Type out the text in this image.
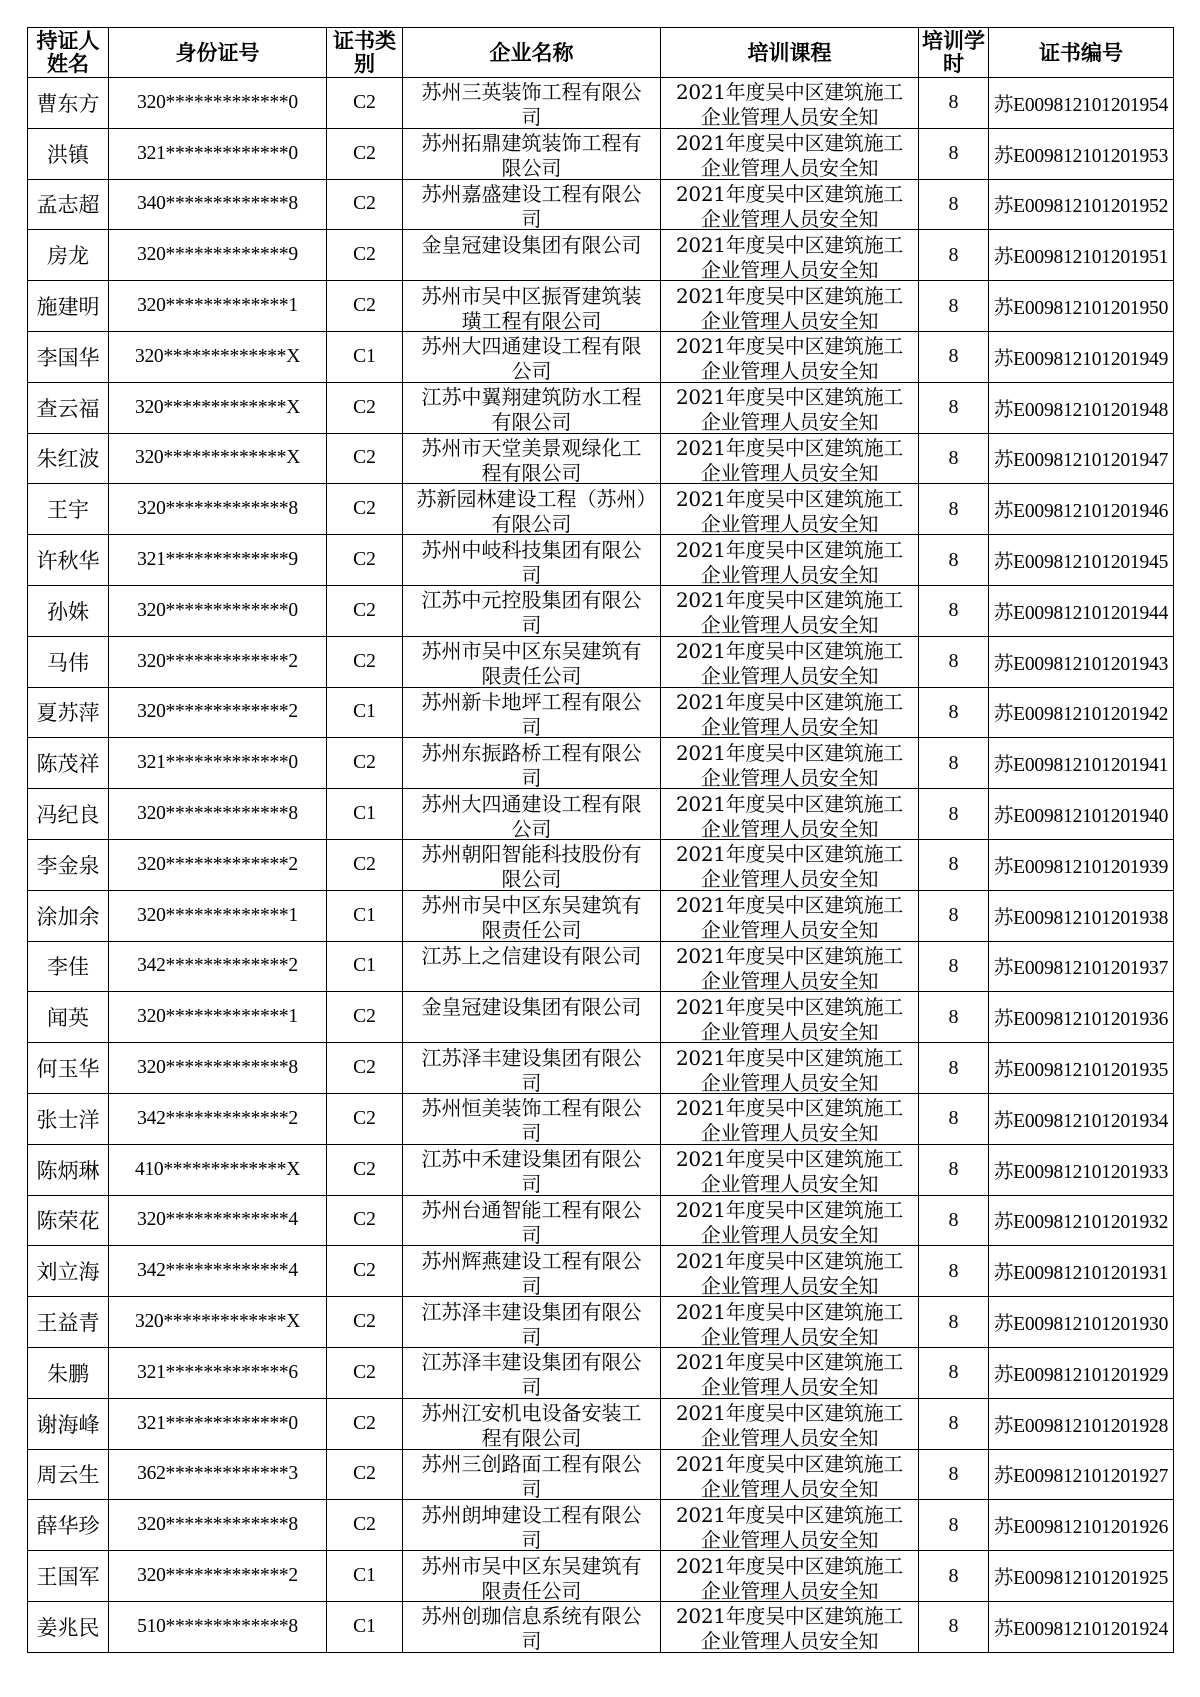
持证人姓名	身份证号	证书类别	企业名称	培训课程	培训学时	证书编号
曹东方	320*************0	C2	苏州三英装饰工程有限公司	2021年度吴中区建筑施工企业管理人员安全知	8	苏E009812101201954
洪镇	321*************0	C2	苏州拓鼎建筑装饰工程有限公司	2021年度吴中区建筑施工企业管理人员安全知	8	苏E009812101201953
孟志超	340*************8	C2	苏州嘉盛建设工程有限公司	2021年度吴中区建筑施工企业管理人员安全知	8	苏E009812101201952
房龙	320*************9	C2	金皇冠建设集团有限公司	2021年度吴中区建筑施工企业管理人员安全知	8	苏E009812101201951
施建明	320*************1	C2	苏州市吴中区振胥建筑装璜工程有限公司	2021年度吴中区建筑施工企业管理人员安全知	8	苏E009812101201950
李国华	320*************X	C1	苏州大四通建设工程有限公司	2021年度吴中区建筑施工企业管理人员安全知	8	苏E009812101201949
查云福	320*************X	C2	江苏中翼翔建筑防水工程有限公司	2021年度吴中区建筑施工企业管理人员安全知	8	苏E009812101201948
朱红波	320*************X	C2	苏州市天堂美景观绿化工程有限公司	2021年度吴中区建筑施工企业管理人员安全知	8	苏E009812101201947
王宇	320*************8	C2	苏新园林建设工程（苏州）有限公司	2021年度吴中区建筑施工企业管理人员安全知	8	苏E009812101201946
许秋华	321*************9	C2	苏州中岐科技集团有限公司	2021年度吴中区建筑施工企业管理人员安全知	8	苏E009812101201945
孙姝	320*************0	C2	江苏中元控股集团有限公司	2021年度吴中区建筑施工企业管理人员安全知	8	苏E009812101201944
马伟	320*************2	C2	苏州市吴中区东吴建筑有限责任公司	2021年度吴中区建筑施工企业管理人员安全知	8	苏E009812101201943
夏苏萍	320*************2	C1	苏州新卡地坪工程有限公司	2021年度吴中区建筑施工企业管理人员安全知	8	苏E009812101201942
陈茂祥	321*************0	C2	苏州东振路桥工程有限公司	2021年度吴中区建筑施工企业管理人员安全知	8	苏E009812101201941
冯纪良	320*************8	C1	苏州大四通建设工程有限公司	2021年度吴中区建筑施工企业管理人员安全知	8	苏E009812101201940
李金泉	320*************2	C2	苏州朝阳智能科技股份有限公司	2021年度吴中区建筑施工企业管理人员安全知	8	苏E009812101201939
涂加余	320*************1	C1	苏州市吴中区东吴建筑有限责任公司	2021年度吴中区建筑施工企业管理人员安全知	8	苏E009812101201938
李佳	342*************2	C1	江苏上之信建设有限公司	2021年度吴中区建筑施工企业管理人员安全知	8	苏E009812101201937
闻英	320*************1	C2	金皇冠建设集团有限公司	2021年度吴中区建筑施工企业管理人员安全知	8	苏E009812101201936
何玉华	320*************8	C2	江苏泽丰建设集团有限公司	2021年度吴中区建筑施工企业管理人员安全知	8	苏E009812101201935
张士洋	342*************2	C2	苏州恒美装饰工程有限公司	2021年度吴中区建筑施工企业管理人员安全知	8	苏E009812101201934
陈炳琳	410*************X	C2	江苏中禾建设集团有限公司	2021年度吴中区建筑施工企业管理人员安全知	8	苏E009812101201933
陈荣花	320*************4	C2	苏州台通智能工程有限公司	2021年度吴中区建筑施工企业管理人员安全知	8	苏E009812101201932
刘立海	342*************4	C2	苏州辉燕建设工程有限公司	2021年度吴中区建筑施工企业管理人员安全知	8	苏E009812101201931
王益青	320*************X	C2	江苏泽丰建设集团有限公司	2021年度吴中区建筑施工企业管理人员安全知	8	苏E009812101201930
朱鹏	321*************6	C2	江苏泽丰建设集团有限公司	2021年度吴中区建筑施工企业管理人员安全知	8	苏E009812101201929
谢海峰	321*************0	C2	苏州江安机电设备安装工程有限公司	2021年度吴中区建筑施工企业管理人员安全知	8	苏E009812101201928
周云生	362*************3	C2	苏州三创路面工程有限公司	2021年度吴中区建筑施工企业管理人员安全知	8	苏E009812101201927
薛华珍	320*************8	C2	苏州朗坤建设工程有限公司	2021年度吴中区建筑施工企业管理人员安全知	8	苏E009812101201926
王国军	320*************2	C1	苏州市吴中区东吴建筑有限责任公司	2021年度吴中区建筑施工企业管理人员安全知	8	苏E009812101201925
姜兆民	510*************8	C1	苏州创珈信息系统有限公司	2021年度吴中区建筑施工企业管理人员安全知	8	苏E009812101201924
